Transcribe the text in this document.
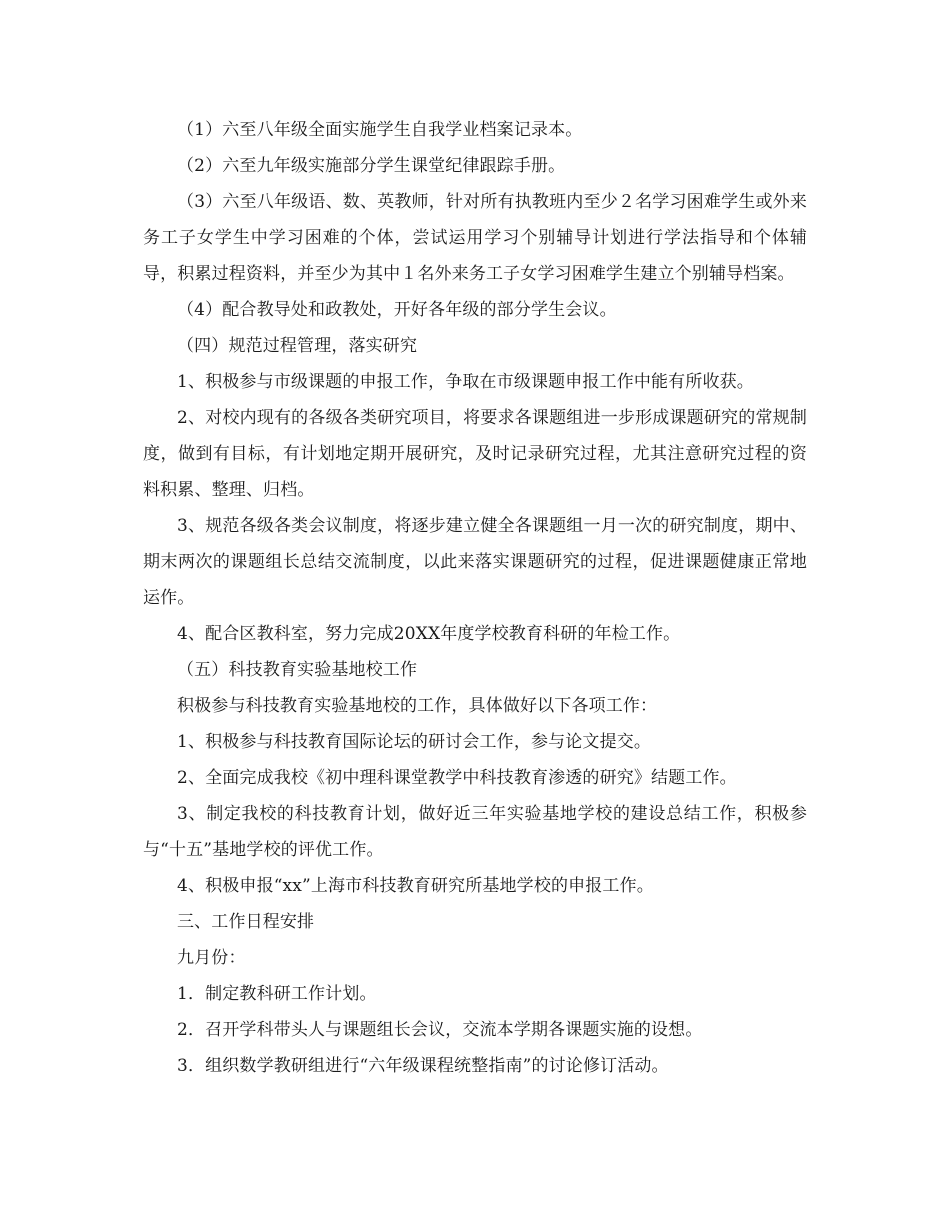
（1）六至八年级全面实施学生自我学业档案记录本。

（2）六至九年级实施部分学生课堂纪律跟踪手册。

（3）六至八年级语、数、英教师，针对所有执教班内至少２名学习困难学生或外来务工子女学生中学习困难的个体，尝试运用学习个别辅导计划进行学法指导和个体辅导，积累过程资料，并至少为其中１名外来务工子女学习困难学生建立个别辅导档案。

（4）配合教导处和政教处，开好各年级的部分学生会议。

（四）规范过程管理，落实研究

1、积极参与市级课题的申报工作，争取在市级课题申报工作中能有所收获。

2、对校内现有的各级各类研究项目，将要求各课题组进一步形成课题研究的常规制度，做到有目标，有计划地定期开展研究，及时记录研究过程，尤其注意研究过程的资料积累、整理、归档。

3、规范各级各类会议制度，将逐步建立健全各课题组一月一次的研究制度，期中、期末两次的课题组长总结交流制度，以此来落实课题研究的过程，促进课题健康正常地运作。

4、配合区教科室，努力完成20XX年度学校教育科研的年检工作。

（五）科技教育实验基地校工作

积极参与科技教育实验基地校的工作，具体做好以下各项工作：

1、积极参与科技教育国际论坛的研讨会工作，参与论文提交。

2、全面完成我校《初中理科课堂教学中科技教育渗透的研究》结题工作。

3、制定我校的科技教育计划，做好近三年实验基地学校的建设总结工作，积极参与“十五”基地学校的评优工作。

4、积极申报“xx”上海市科技教育研究所基地学校的申报工作。

三、工作日程安排

九月份：

1．制定教科研工作计划。

2．召开学科带头人与课题组长会议，交流本学期各课题实施的设想。

3．组织数学教研组进行“六年级课程统整指南”的讨论修订活动。
